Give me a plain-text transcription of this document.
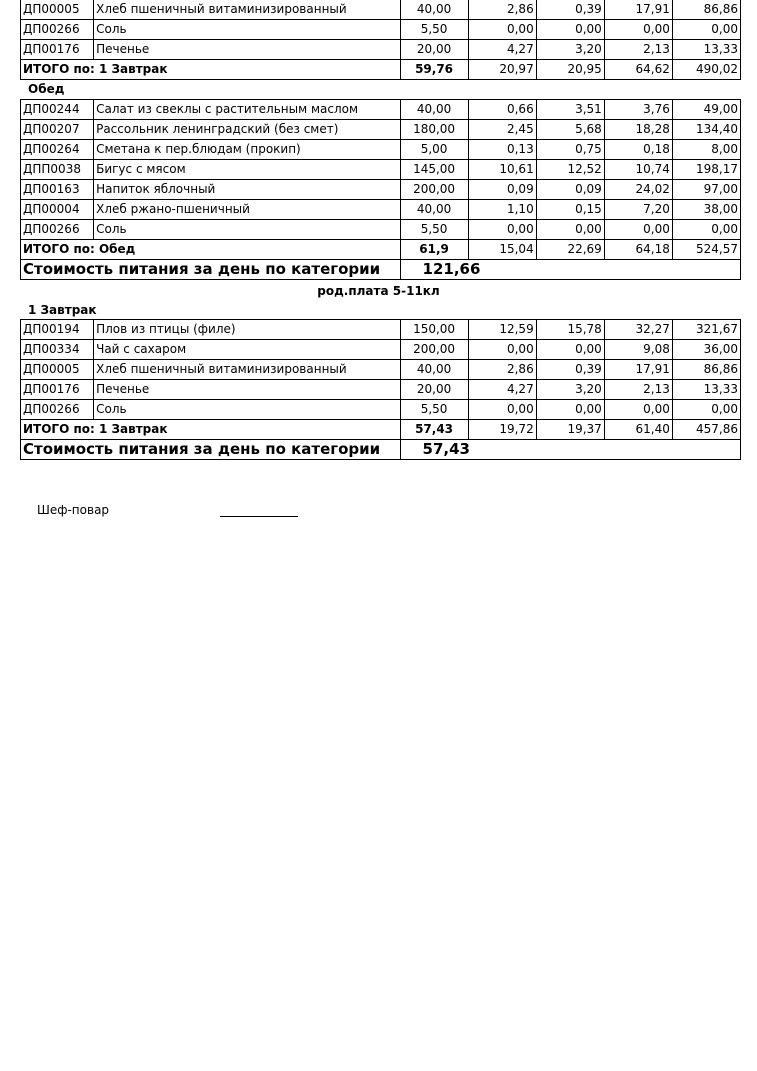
ДП00005	Хлеб пшеничный витаминизированный	40,00	2,86	0,39	17,91	86,86
ДП00266	Соль	5,50	0,00	0,00	0,00	0,00
ДП00176	Печенье	20,00	4,27	3,20	2,13	13,33
ИТОГО по: 1 Завтрак		59,76	20,97	20,95	64,62	490,02
Обед
ДП00244	Салат из свеклы с растительным маслом	40,00	0,66	3,51	3,76	49,00
ДП00207	Рассольник ленинградский (без смет)	180,00	2,45	5,68	18,28	134,40
ДП00264	Сметана к пер.блюдам (прокип)	5,00	0,13	0,75	0,18	8,00
ДПП0038	Бигус с мясом	145,00	10,61	12,52	10,74	198,17
ДП00163	Напиток яблочный	200,00	0,09	0,09	24,02	97,00
ДП00004	Хлеб ржано-пшеничный	40,00	1,10	0,15	7,20	38,00
ДП00266	Соль	5,50	0,00	0,00	0,00	0,00
ИТОГО по: Обед		61,9	15,04	22,69	64,18	524,57
Стоимость питания за день по категории		121,66				
род.плата 5-11кл
1 Завтрак
ДП00194	Плов из птицы (филе)	150,00	12,59	15,78	32,27	321,67
ДП00334	Чай с сахаром	200,00	0,00	0,00	9,08	36,00
ДП00005	Хлеб пшеничный витаминизированный	40,00	2,86	0,39	17,91	86,86
ДП00176	Печенье	20,00	4,27	3,20	2,13	13,33
ДП00266	Соль	5,50	0,00	0,00	0,00	0,00
ИТОГО по: 1 Завтрак		57,43	19,72	19,37	61,40	457,86
Стоимость питания за день по категории		57,43				
Шеф-повар
